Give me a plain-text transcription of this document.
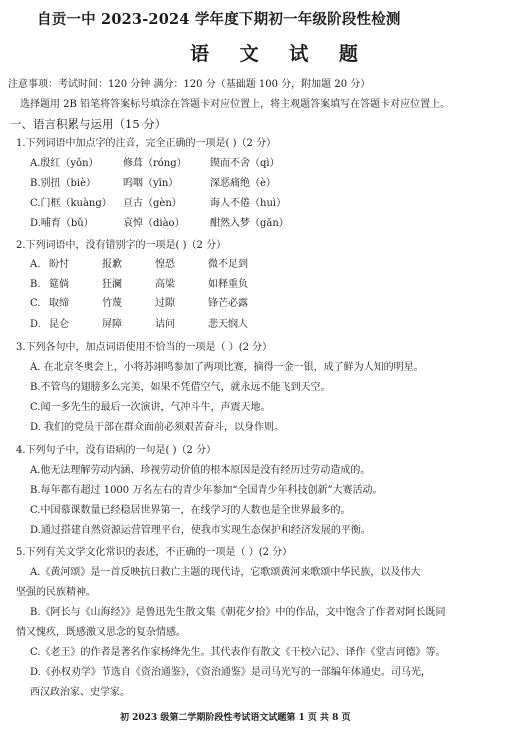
自贡一中 2023-2024 学年度下期初一年级阶段性检测
语 文 试 题
注意事项：考试时间：120 分钟 满分：120 分（基础题 100 分，附加题 20 分）
选择题用 2B 铅笔将答案标号填涂在答题卡对应位置上，将主观题答案填写在答题卡对应位置上。
一、语言积累与运用（15 分）
1.下列词语中加点字的注音，完全正确的一项是( )（2 分）
A.殷红（yǒn） 修葺（róng） 锲而不舍（qì）
B.别扭（biè）	呜咽（yīn）	深恶痛绝（è）
C.门框（kuàng） 亘古（gèn）	诲人不倦（huì）
D.哺育（bǔ）	哀悼（diào）	酣然入梦（gān）
2.下列词语中，没有错别字的一项是( )（2 分）
A. 盼忖	报歉	惶恐	微不足到
B. 筵倘	狂澜	高梁	如释重负
C. 取缔	竹蔑	过隙	锋芒必露
D. 昆仑	屏障	诘问	悲天悯人
3.下列各句中，加点词语使用不恰当的一项是（ ）(2 分）
A. 在北京冬奥会上，小将苏翊鸣参加了两项比赛，摘得一金一银，成了鲜为人知的明星。
B.不管鸟的翅膀多么完美，如果不凭借空气，就永远不能飞到天空。
C.闻一多先生的最后一次演讲，气冲斗牛，声震天地。
D. 我们的党员干部在群众面前必须艰苦奋斗，以身作则。
4.下列句子中，没有语病的一句是( )（2 分）
A.他无法理解劳动内涵、珍视劳动价值的根本原因是没有经历过劳动造成的。
B.每年都有超过 1000 万名左右的青少年参加“全国青少年科技创新”大赛活动。
C.中国慕课数量已经稳居世界第一，在线学习的人数也是全世界最多的。
D.通过搭建自然资源运营管理平台，使我市实现生态保护和经济发展的平衡。
5.下列有关文学文化常识的表述，不正确的一项是（ ）(2 分）
A.《黄河颂》是一首反映抗日救亡主题的现代诗，它歌颂黄河来歌颂中华民族，以及伟大
坚强的民族精神。
B.《阿长与《山海经》》是鲁迅先生散文集《朝花夕拾》中的作品，文中饱含了作者对阿长既同
情又愧疚，既感激又思念的复杂情感。
C.《老王》的作者是著名作家杨绛先生。其代表作有散文《干校六记》、译作《堂吉诃德》等。
D.《孙权劝学》节选自《资治通鉴》，《资治通鉴》是司马光写的一部编年体通史。司马光，
西汉政治家、史学家。
初 2023 级第二学期阶段性考试语文试题第 1 页 共 8 页
